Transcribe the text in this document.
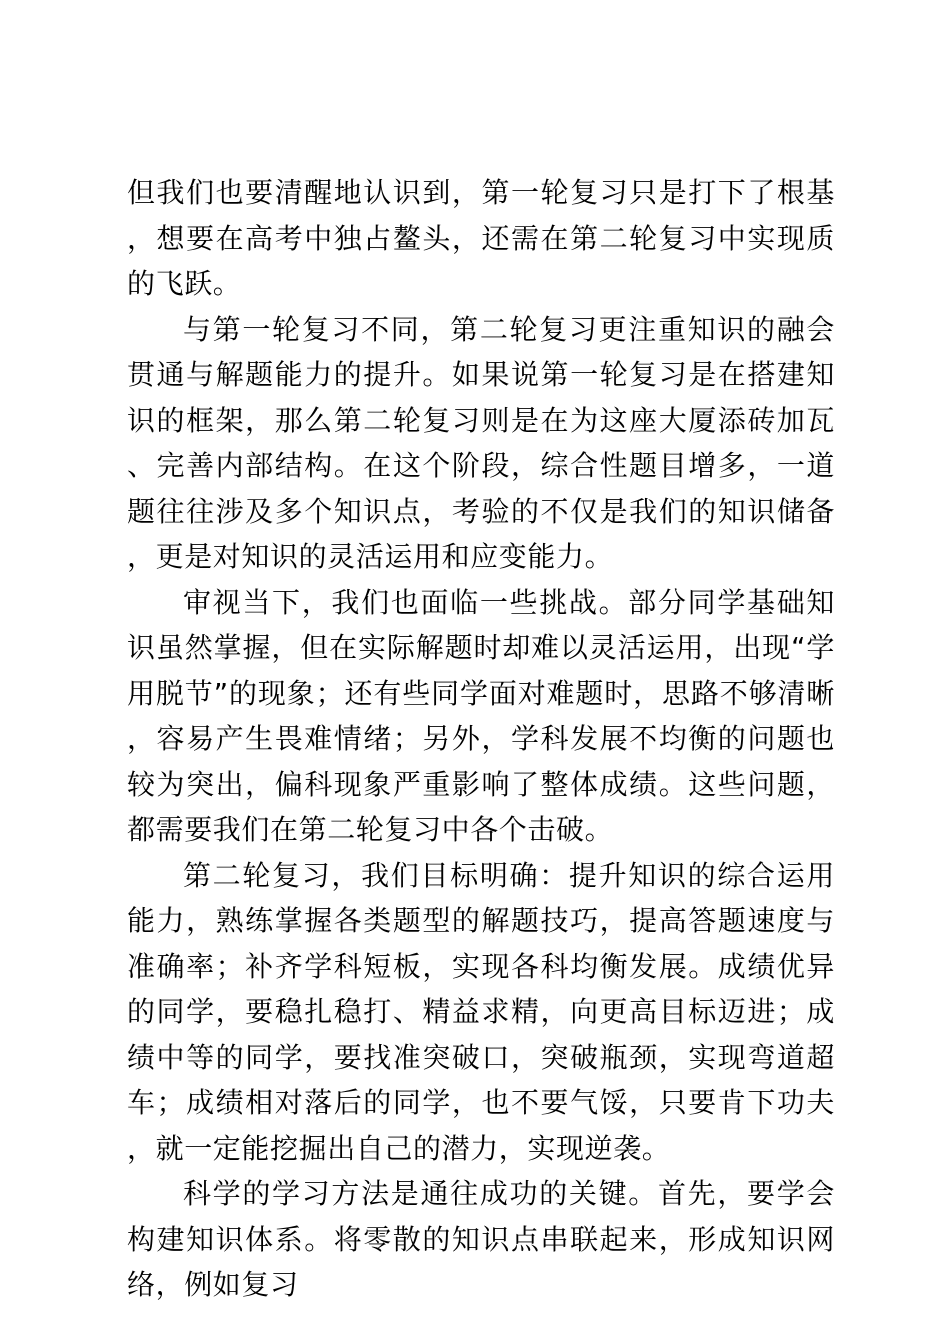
但我们也要清醒地认识到，第一轮复习只是打下了根基，想要在高考中独占鳌头，还需在第二轮复习中实现质的飞跃。

与第一轮复习不同，第二轮复习更注重知识的融会贯通与解题能力的提升。如果说第一轮复习是在搭建知识的框架，那么第二轮复习则是在为这座大厦添砖加瓦、完善内部结构。在这个阶段，综合性题目增多，一道题往往涉及多个知识点，考验的不仅是我们的知识储备，更是对知识的灵活运用和应变能力。

审视当下，我们也面临一些挑战。部分同学基础知识虽然掌握，但在实际解题时却难以灵活运用，出现“学用脱节”的现象；还有些同学面对难题时，思路不够清晰，容易产生畏难情绪；另外，学科发展不均衡的问题也较为突出，偏科现象严重影响了整体成绩。这些问题，都需要我们在第二轮复习中各个击破。

第二轮复习，我们目标明确：提升知识的综合运用能力，熟练掌握各类题型的解题技巧，提高答题速度与准确率；补齐学科短板，实现各科均衡发展。成绩优异的同学，要稳扎稳打、精益求精，向更高目标迈进；成绩中等的同学，要找准突破口，突破瓶颈，实现弯道超车；成绩相对落后的同学，也不要气馁，只要肯下功夫，就一定能挖掘出自己的潜力，实现逆袭。

科学的学习方法是通往成功的关键。首先，要学会构建知识体系。将零散的知识点串联起来，形成知识网络，例如复习
